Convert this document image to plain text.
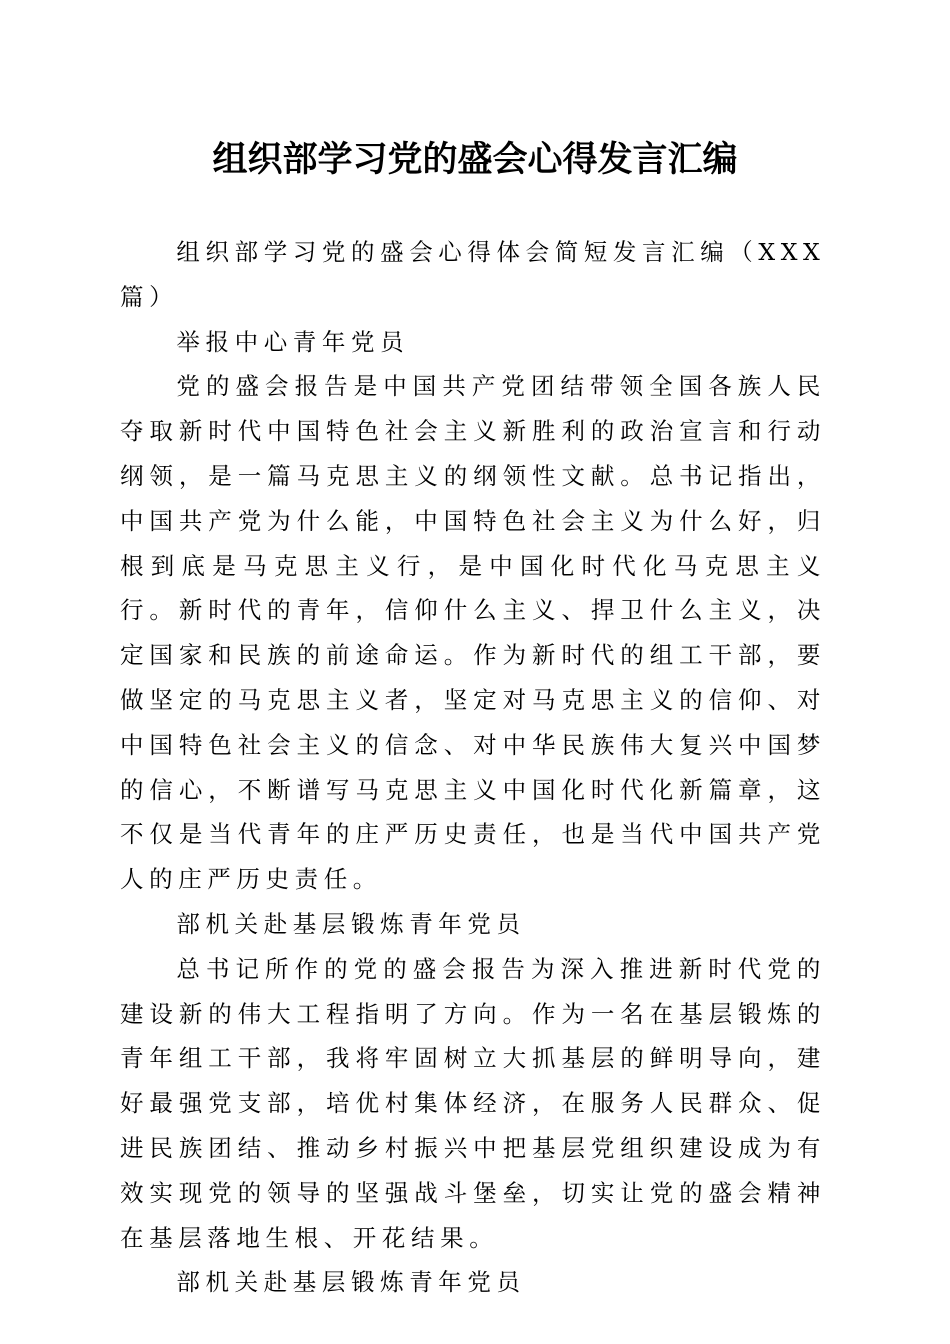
组织部学习党的盛会心得发言汇编

组织部学习党的盛会心得体会简短发言汇编（XXX篇）

举报中心青年党员

党的盛会报告是中国共产党团结带领全国各族人民夺取新时代中国特色社会主义新胜利的政治宣言和行动纲领，是一篇马克思主义的纲领性文献。总书记指出，中国共产党为什么能，中国特色社会主义为什么好，归根到底是马克思主义行，是中国化时代化马克思主义行。新时代的青年，信仰什么主义、捍卫什么主义，决定国家和民族的前途命运。作为新时代的组工干部，要做坚定的马克思主义者，坚定对马克思主义的信仰、对中国特色社会主义的信念、对中华民族伟大复兴中国梦的信心，不断谱写马克思主义中国化时代化新篇章，这不仅是当代青年的庄严历史责任，也是当代中国共产党人的庄严历史责任。

部机关赴基层锻炼青年党员

总书记所作的党的盛会报告为深入推进新时代党的建设新的伟大工程指明了方向。作为一名在基层锻炼的青年组工干部，我将牢固树立大抓基层的鲜明导向，建好最强党支部，培优村集体经济，在服务人民群众、促进民族团结、推动乡村振兴中把基层党组织建设成为有效实现党的领导的坚强战斗堡垒，切实让党的盛会精神在基层落地生根、开花结果。

部机关赴基层锻炼青年党员
